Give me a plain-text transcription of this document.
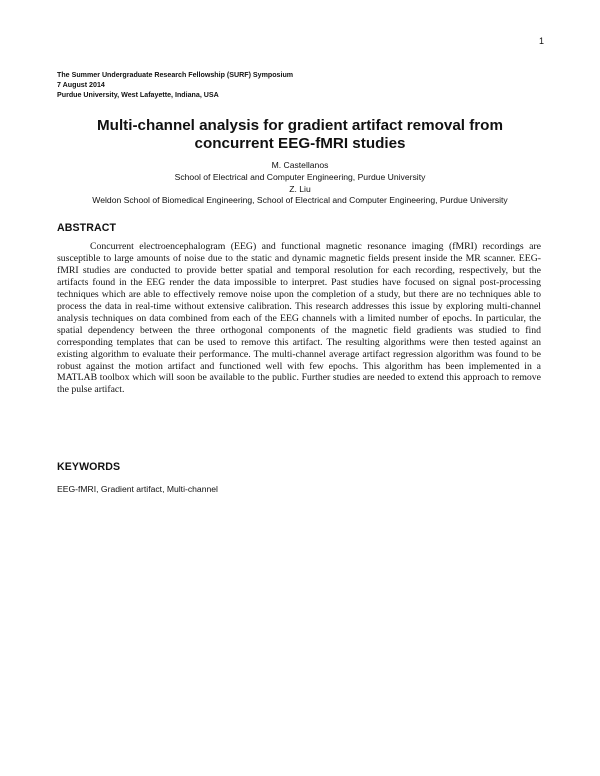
1
The Summer Undergraduate Research Fellowship (SURF) Symposium
7 August 2014
Purdue University, West Lafayette, Indiana, USA
Multi-channel analysis for gradient artifact removal from concurrent EEG-fMRI studies
M. Castellanos
School of Electrical and Computer Engineering, Purdue University
Z. Liu
Weldon School of Biomedical Engineering, School of Electrical and Computer Engineering, Purdue University
ABSTRACT

Concurrent electroencephalogram (EEG) and functional magnetic resonance imaging (fMRI) recordings are susceptible to large amounts of noise due to the static and dynamic magnetic fields present inside the MR scanner. EEG-fMRI studies are conducted to provide better spatial and temporal resolution for each recording, respectively, but the artifacts found in the EEG render the data impossible to interpret. Past studies have focused on signal post-processing techniques which are able to effectively remove noise upon the completion of a study, but there are no techniques able to process the data in real-time without extensive calibration. This research addresses this issue by exploring multi-channel analysis techniques on data combined from each of the EEG channels with a limited number of epochs. In particular, the spatial dependency between the three orthogonal components of the magnetic field gradients was studied to find corresponding templates that can be used to remove this artifact. The resulting algorithms were then tested against an existing algorithm to evaluate their performance. The multi-channel average artifact regression algorithm was found to be robust against the motion artifact and functioned well with few epochs. This algorithm has been implemented in a MATLAB toolbox which will soon be available to the public. Further studies are needed to extend this approach to remove the pulse artifact.

KEYWORDS
EEG-fMRI, Gradient artifact, Multi-channel
